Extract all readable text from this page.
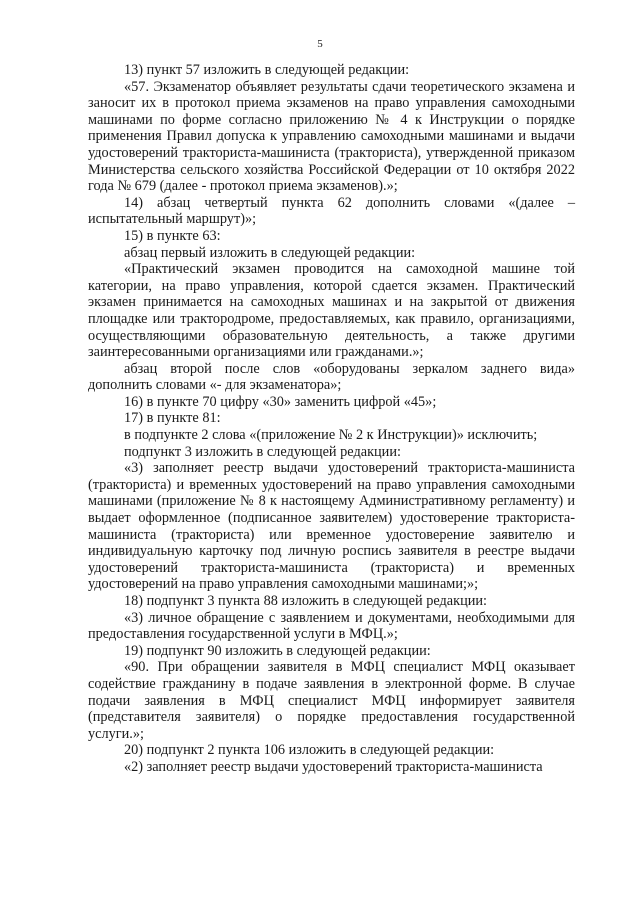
5

13) пункт 57 изложить в следующей редакции:

«57. Экзаменатор объявляет результаты сдачи теоретического экзамена и заносит их в протокол приема экзаменов на право управления самоходными машинами по форме согласно приложению № 4 к Инструкции о порядке применения Правил допуска к управлению самоходными машинами и выдачи удостоверений тракториста-машиниста (тракториста), утвержденной приказом Министерства сельского хозяйства Российской Федерации от 10 октября 2022 года № 679 (далее - протокол приема экзаменов).»;

14) абзац четвертый пункта 62 дополнить словами «(далее – испытательный маршрут)»;

15) в пункте 63:

абзац первый изложить в следующей редакции:

«Практический экзамен проводится на самоходной машине той категории, на право управления, которой сдается экзамен. Практический экзамен принимается на самоходных машинах и на закрытой от движения площадке или трактородроме, предоставляемых, как правило, организациями, осуществляющими образовательную деятельность, а также другими заинтересованными организациями или гражданами.»;

абзац второй после слов «оборудованы зеркалом заднего вида» дополнить словами «- для экзаменатора»;

16) в пункте 70 цифру «30» заменить цифрой «45»;

17) в пункте 81:

в подпункте 2 слова «(приложение № 2 к Инструкции)» исключить;

подпункт 3 изложить в следующей редакции:

«3) заполняет реестр выдачи удостоверений тракториста-машиниста (тракториста) и временных удостоверений на право управления самоходными машинами (приложение № 8 к настоящему Административному регламенту) и выдает оформленное (подписанное заявителем) удостоверение тракториста-машиниста (тракториста) или временное удостоверение заявителю и индивидуальную карточку под личную роспись заявителя в реестре выдачи удостоверений тракториста-машиниста (тракториста) и временных удостоверений на право управления самоходными машинами;»;

18) подпункт 3 пункта 88 изложить в следующей редакции:

«3) личное обращение с заявлением и документами, необходимыми для предоставления государственной услуги в МФЦ.»;

19) подпункт 90 изложить в следующей редакции:

«90. При обращении заявителя в МФЦ специалист МФЦ оказывает содействие гражданину в подаче заявления в электронной форме. В случае подачи заявления в МФЦ специалист МФЦ информирует заявителя (представителя заявителя) о порядке предоставления государственной услуги.»;

20) подпункт 2 пункта 106 изложить в следующей редакции:

«2) заполняет реестр выдачи удостоверений тракториста-машиниста
